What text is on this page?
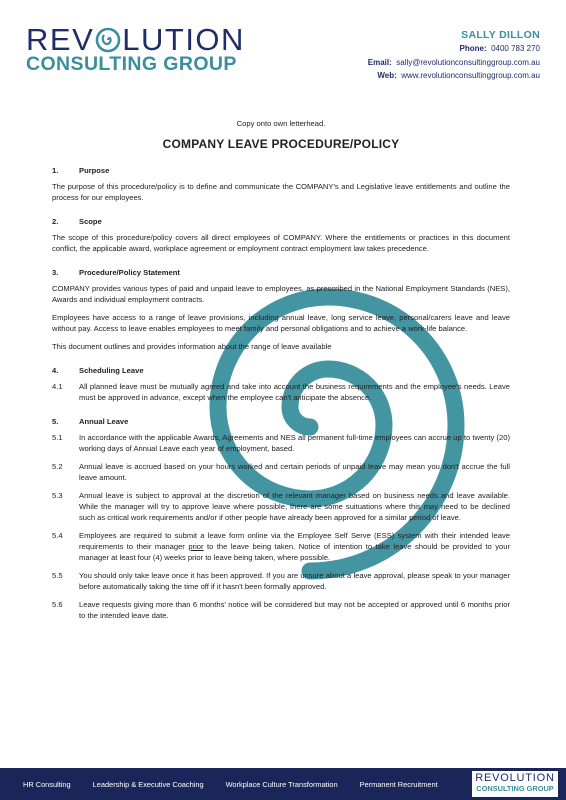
REV LUTION
CONSULTING GROUP
SALLY DILLON
Phone: 0400 783 270
Email: sally@revolutionconsultinggroup.com.au
Web: www.revolutionconsultinggroup.com.au
Copy onto own letterhead.
COMPANY LEAVE PROCEDURE/POLICY
1.	Purpose
The purpose of this procedure/policy is to define and communicate the COMPANY's and Legislative leave entitlements and outline the process for our employees.
2.	Scope
The scope of this procedure/policy covers all direct employees of COMPANY. Where the entitlements or practices in this document conflict, the applicable award, workplace agreement or employment contract employment law takes precedence.
3.	Procedure/Policy Statement
COMPANY provides various types of paid and unpaid leave to employees, as prescribed in the National Employment Standards (NES), Awards and individual employment contracts.
Employees have access to a range of leave provisions, including annual leave, long service leave, personal/carers leave and leave without pay. Access to leave enables employees to meet family and personal obligations and to achieve a work-life balance.
This document outlines and provides information about the range of leave available
4.	Scheduling Leave
4.1	All planned leave must be mutually agreed and take into account the business requirements and the employee's needs. Leave must be approved in advance, except when the employee can't anticipate the absence.
5.	Annual Leave
5.1	In accordance with the applicable Awards, Agreements and NES all permanent full-time employees can accrue up to twenty (20) working days of Annual Leave each year of employment, based.
5.2	Annual leave is accrued based on your hours worked and certain periods of unpaid leave may mean you don't accrue the full leave amount.
5.3	Annual leave is subject to approval at the discretion of the relevant manager based on business needs and leave available. While the manager will try to approve leave where possible, there are some suituations where this may need to be declined such as critical work requirements and/or if other people have already been approved for a similar period of leave.
5.4	Employees are required to submit a leave form online via the Employee Self Serve (ESS) system with their intended leave requirements to their manager prior to the leave being taken. Notice of intention to take leave should be provided to your manager at least four (4) weeks prior to leave being taken, where possible.
5.5	You should only take leave once it has been approved. If you are unsure about a leave approval, please speak to your manager before automatically taking the time off if it hasn't been formally approved.
5.6	Leave requests giving more than 6 months' notice will be considered but may not be accepted or approved until 6 months prior to the intended leave date.
HR Consulting	Leadership & Executive Coaching	Workplace Culture Transformation	Permanent Recruitment	REVOLUTION
CONSULTING GROUP
